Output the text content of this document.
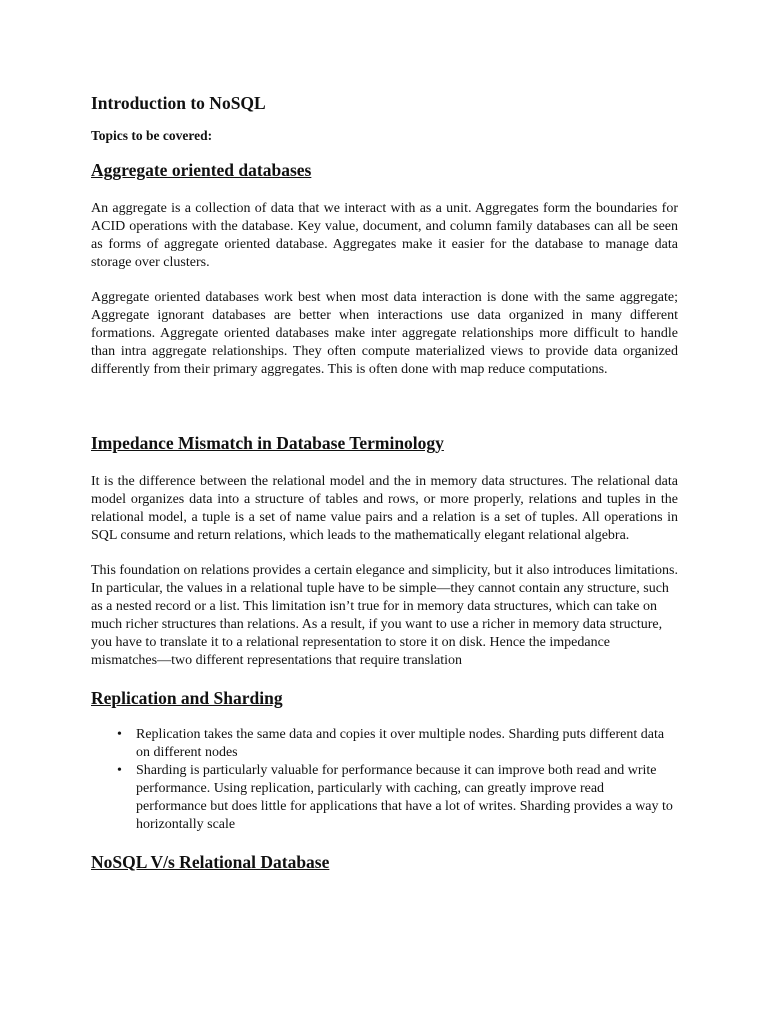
Introduction to NoSQL
Topics to be covered:
Aggregate oriented databases

An aggregate is a collection of data that we interact with as a unit. Aggregates form the boundaries for ACID operations with the database. Key value, document, and column family databases can all be seen as forms of aggregate oriented database. Aggregates make it easier for the database to manage data storage over clusters.

Aggregate oriented databases work best when most data interaction is done with the same aggregate; Aggregate ignorant databases are better when interactions use data organized in many different formations. Aggregate oriented databases make inter aggregate relationships more difficult to handle than intra aggregate relationships. They often compute materialized views to provide data organized differently from their primary aggregates. This is often done with map reduce computations.

Impedance Mismatch in Database Terminology

It is the difference between the relational model and the in memory data structures. The relational data model organizes data into a structure of tables and rows, or more properly, relations and tuples in the relational model, a tuple is a set of name value pairs and a relation is a set of tuples. All operations in SQL consume and return relations, which leads to the mathematically elegant relational algebra.

This foundation on relations provides a certain elegance and simplicity, but it also introduces limitations. In particular, the values in a relational tuple have to be simple—they cannot contain any structure, such as a nested record or a list. This limitation isn’t true for in memory data structures, which can take on much richer structures than relations. As a result, if you want to use a richer in memory data structure, you have to translate it to a relational representation to store it on disk. Hence the impedance mismatches—two different representations that require translation

Replication and Sharding
• Replication takes the same data and copies it over multiple nodes. Sharding puts different data on different nodes
• Sharding is particularly valuable for performance because it can improve both read and write performance. Using replication, particularly with caching, can greatly improve read performance but does little for applications that have a lot of writes. Sharding provides a way to horizontally scale
NoSQL V/s Relational Database
